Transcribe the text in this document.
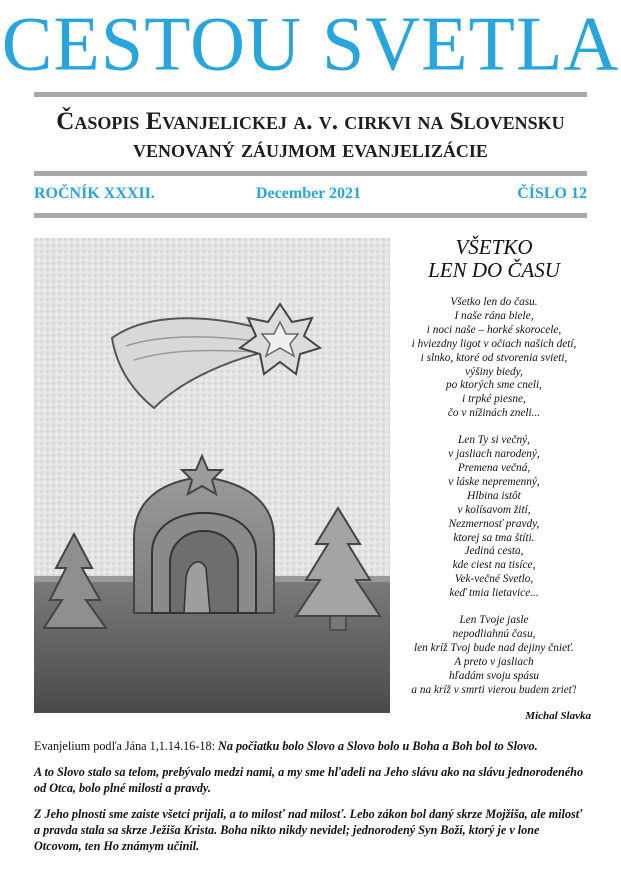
CESTOU SVETLA
Časopis Evanjelickej a. v. cirkvi na Slovensku
venovaný záujmom evanjelizácie
ROČNÍK XXXII.	December 2021	ČÍSLO 12
VŠETKO
LEN DO ČASU
Všetko len do času.
I naše rána biele,
i noci naše – horké skorocele,
i hviezdny ligot v očiach našich detí,
i slnko, ktoré od stvorenia svieti,
výšiny biedy,
po ktorých sme cneli,
i trpké piesne,
čo v nížinách zneli...
Len Ty si večný,
v jasliach narodený,
Premena večná,
v láske nepremenný,
Hlbina istôt
v kolísavom žití,
Nezmernosť pravdy,
ktorej sa tma štíti.
Jediná cesta,
kde ciest na tisíce,
Vek-večné Svetlo,
keď tmia lietavice...
Len Tvoje jasle
nepodliahnú času,
len kríž Tvoj bude nad dejiny čnieť.
A preto v jasliach
hľadám svoju spásu
a na kríž v smrti vierou budem zrieť!
Michal Slavka

Evanjelium podľa Jána 1,1.14.16-18: Na počiatku bolo Slovo a Slovo bolo u Boha a Boh bol to Slovo.

A to Slovo stalo sa telom, prebývalo medzi nami, a my sme hľadeli na Jeho slávu ako na slávu jednorodeného od Otca, bolo plné milosti a pravdy.

Z Jeho plnosti sme zaiste všetci prijali, a to milosť nad milosť. Lebo zákon bol daný skrze Mojžiša, ale milosť a pravda stala sa skrze Ježiša Krista. Boha nikto nikdy nevidel; jednorodený Syn Boží, ktorý je v lone Otcovom, ten Ho známym učinil.
